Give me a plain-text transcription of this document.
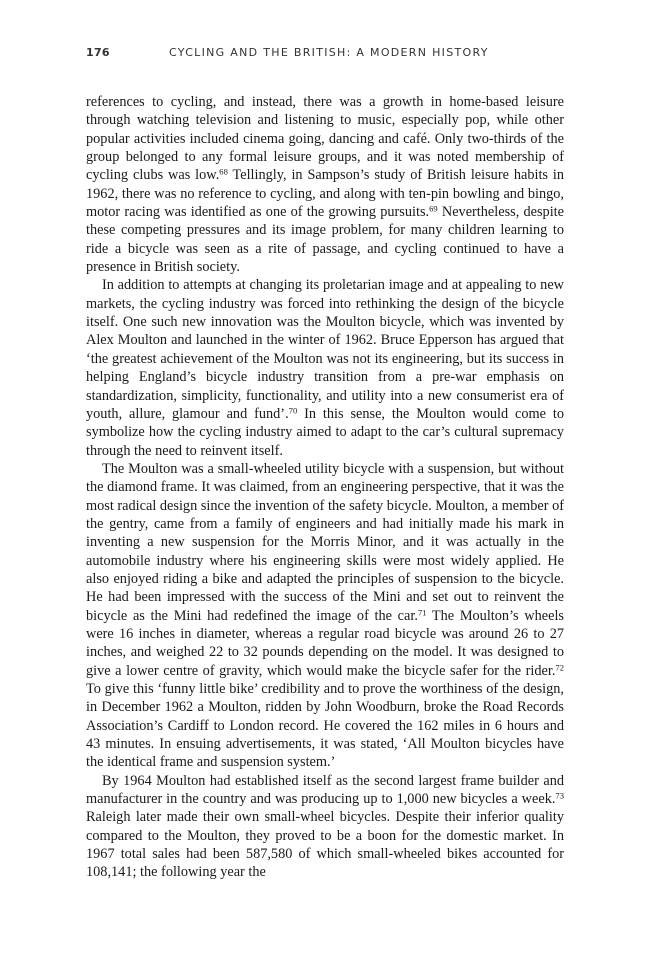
176	CYCLING AND THE BRITISH: A MODERN HISTORY

references to cycling, and instead, there was a growth in home-based leisure through watching television and listening to music, especially pop, while other popular activities included cinema going, dancing and café. Only two-thirds of the group belonged to any formal leisure groups, and it was noted membership of cycling clubs was low.$^{68}$ Tellingly, in Sampson’s study of British leisure habits in 1962, there was no reference to cycling, and along with ten-pin bowling and bingo, motor racing was identified as one of the growing pursuits.$^{69}$ Nevertheless, despite these competing pressures and its image problem, for many children learning to ride a bicycle was seen as a rite of passage, and cycling continued to have a presence in British society.

In addition to attempts at changing its proletarian image and at appealing to new markets, the cycling industry was forced into rethinking the design of the bicycle itself. One such new innovation was the Moulton bicycle, which was invented by Alex Moulton and launched in the winter of 1962. Bruce Epperson has argued that ‘the greatest achievement of the Moulton was not its engineering, but its success in helping England’s bicycle industry transition from a pre-war emphasis on standardization, simplicity, functionality, and utility into a new consumerist era of youth, allure, glamour and fund’.$^{70}$ In this sense, the Moulton would come to symbolize how the cycling industry aimed to adapt to the car’s cultural supremacy through the need to reinvent itself.

The Moulton was a small-wheeled utility bicycle with a suspension, but without the diamond frame. It was claimed, from an engineering perspective, that it was the most radical design since the invention of the safety bicycle. Moulton, a member of the gentry, came from a family of engineers and had initially made his mark in inventing a new suspension for the Morris Minor, and it was actually in the automobile industry where his engineering skills were most widely applied. He also enjoyed riding a bike and adapted the principles of suspension to the bicycle. He had been impressed with the success of the Mini and set out to reinvent the bicycle as the Mini had redefined the image of the car.$^{71}$ The Moulton’s wheels were 16 inches in diameter, whereas a regular road bicycle was around 26 to 27 inches, and weighed 22 to 32 pounds depending on the model. It was designed to give a lower centre of gravity, which would make the bicycle safer for the rider.$^{72}$ To give this ‘funny little bike’ credibility and to prove the worthiness of the design, in December 1962 a Moulton, ridden by John Woodburn, broke the Road Records Association’s Cardiff to London record. He covered the 162 miles in 6 hours and 43 minutes. In ensuing advertisements, it was stated, ‘All Moulton bicycles have the identical frame and suspension system.’

By 1964 Moulton had established itself as the second largest frame builder and manufacturer in the country and was producing up to 1,000 new bicycles a week.$^{73}$ Raleigh later made their own small-wheel bicycles. Despite their inferior quality compared to the Moulton, they proved to be a boon for the domestic market. In 1967 total sales had been 587,580 of which small-wheeled bikes accounted for 108,141; the following year the
